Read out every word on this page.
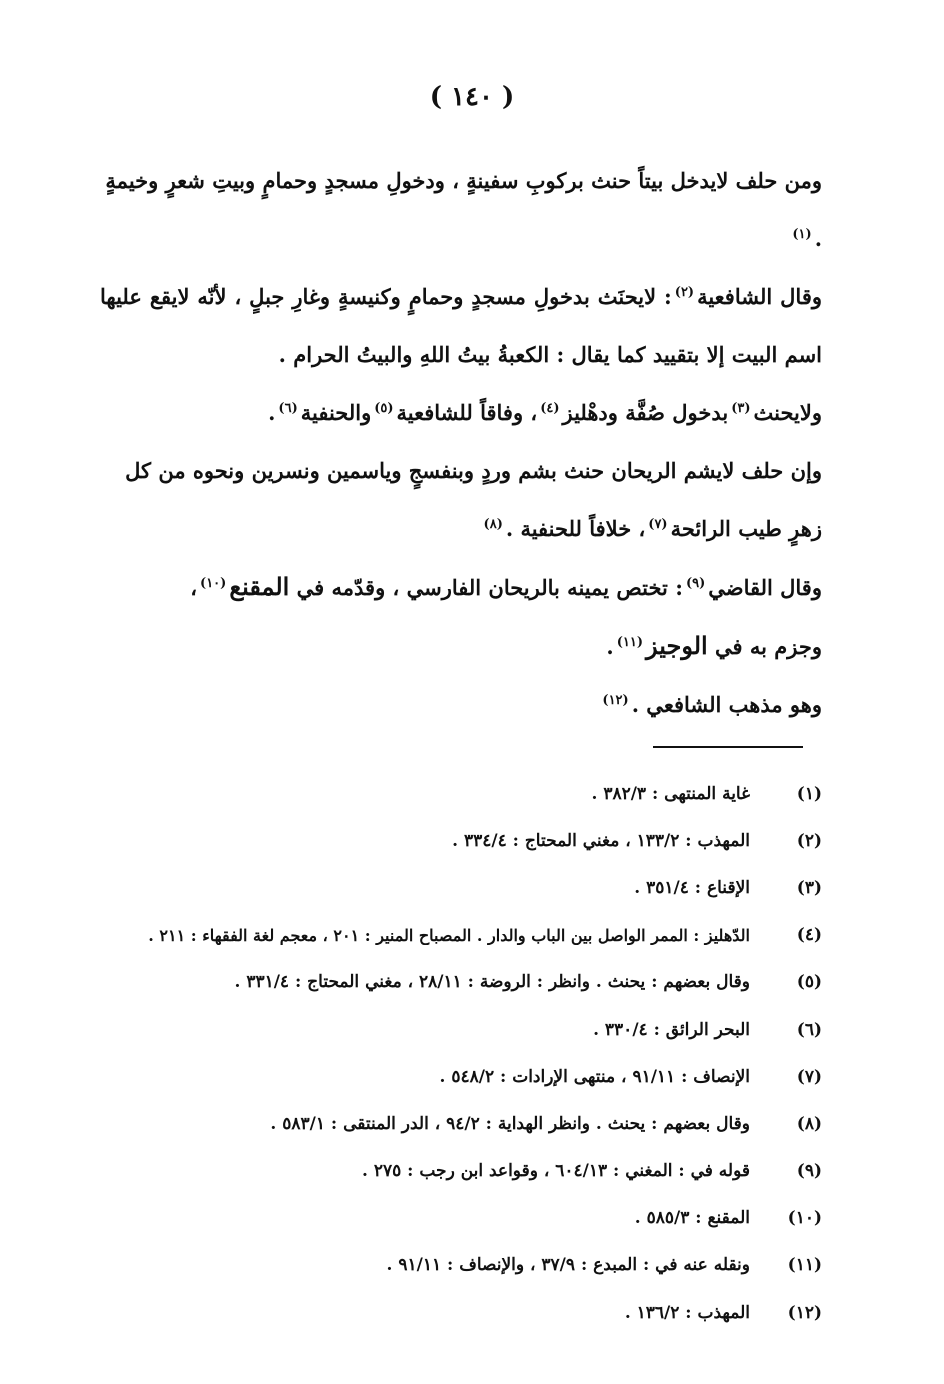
( ١٤٠ )

ومن حلف لايدخل بيتاً حنث بركوبِ سفينةٍ ، ودخولِ مسجدٍ وحمامٍ وبيتِ شعرٍ وخيمةٍ .$^{(١)}$

وقال الشافعية$^{(٢)}$: لايحنَث بدخولِ مسجدٍ وحمامٍ وكنيسةٍ وغارِ جبلٍ ، لأنّه لايقع عليها اسم البيت إلا بتقييد كما يقال : الكعبةُ بيتُ اللهِ والبيتُ الحرام .

ولايحنث$^{(٣)}$بدخول صُفَّة ودهْليز$^{(٤)}$، وفاقاً للشافعية$^{(٥)}$والحنفية$^{(٦)}$.

وإن حلف لايشم الريحان حنث بشم وردٍ وبنفسجٍ وياسمين ونسرين ونحوه من كل زهرٍ طيب الرائحة$^{(٧)}$، خلافاً للحنفية .$^{(٨)}$

وقال القاضي$^{(٩)}$: تختص يمينه بالريحان الفارسي ، وقدّمه في المقنع$^{(١٠)}$،

وجزم به في الوجيز$^{(١١)}$.

وهو مذهب الشافعي .$^{(١٢)}$

(١)
غاية المنتهى : ٣٨٢/٣ .
(٢)
المهذب : ١٣٣/٢ ، مغني المحتاج : ٣٣٤/٤ .
(٣)
الإقناع : ٣٥١/٤ .
(٤)
الدّهليز : الممر الواصل بين الباب والدار . المصباح المنير : ٢٠١ ، معجم لغة الفقهاء : ٢١١ .
(٥)
وقال بعضهم : يحنث . وانظر : الروضة : ٢٨/١١ ، مغني المحتاج : ٣٣١/٤ .
(٦)
البحر الرائق : ٣٣٠/٤ .
(٧)
الإنصاف : ٩١/١١ ، منتهى الإرادات : ٥٤٨/٢ .
(٨)
وقال بعضهم : يحنث . وانظر الهداية : ٩٤/٢ ، الدر المنتقى : ٥٨٣/١ .
(٩)
قوله في : المغني : ٦٠٤/١٣ ، وقواعد ابن رجب : ٢٧٥ .
(١٠)
المقنع : ٥٨٥/٣ .
(١١)
ونقله عنه في : المبدع : ٣٧/٩ ، والإنصاف : ٩١/١١ .
(١٢)
المهذب : ١٣٦/٢ .
